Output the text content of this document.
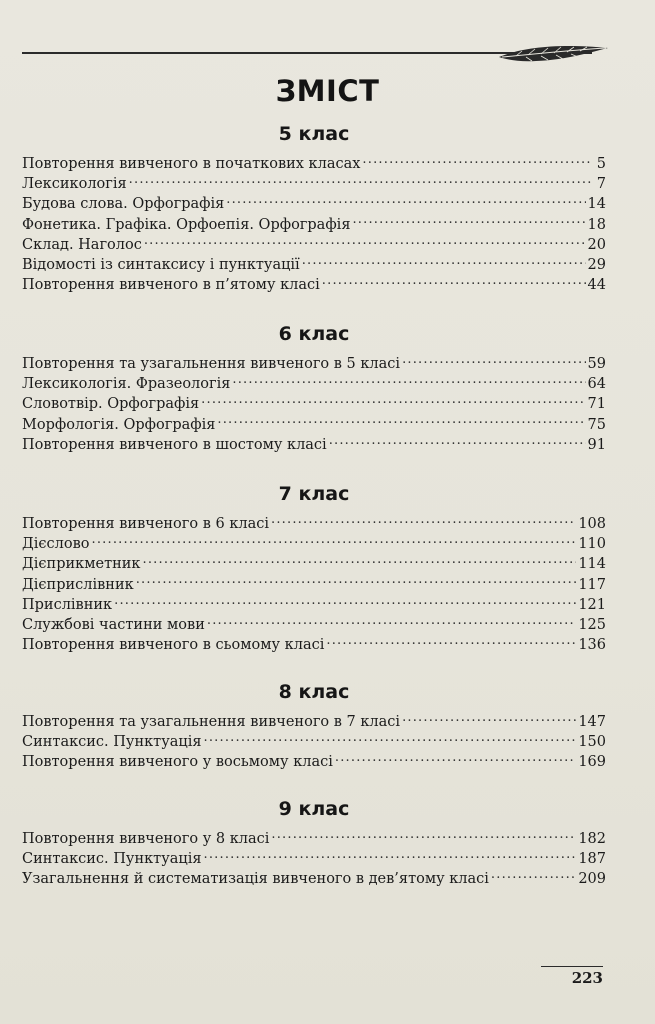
ЗМІСТ
5 клас
Повторення вивченого в початкових класах .....	5
Лексикологія .....	7
Будова слова. Орфографія .....	14
Фонетика. Графіка. Орфоепія. Орфографія .....	18
Склад. Наголос .....	20
Відомості із синтаксису і пунктуації .....	29
Повторення вивченого в п’ятому класі .....	44
6 клас
Повторення та узагальнення вивченого в 5 класі .....	59
Лексикологія. Фразеологія .....	64
Словотвір. Орфографія .....	71
Морфологія. Орфографія .....	75
Повторення вивченого в шостому класі .....	91
7 клас
Повторення вивченого в 6 класі .....	108
Дієслово .....	110
Дієприкметник .....	114
Дієприслівник .....	117
Прислівник .....	121
Службові частини мови .....	125
Повторення вивченого в сьомому класі .....	136
8 клас
Повторення та узагальнення вивченого в 7 класі .....	147
Синтаксис. Пунктуація .....	150
Повторення вивченого у восьмому класі .....	169
9 клас
Повторення вивченого у 8 класі .....	182
Синтаксис. Пунктуація .....	187
Узагальнення й систематизація вивченого в дев’ятому класі .....	209
223
